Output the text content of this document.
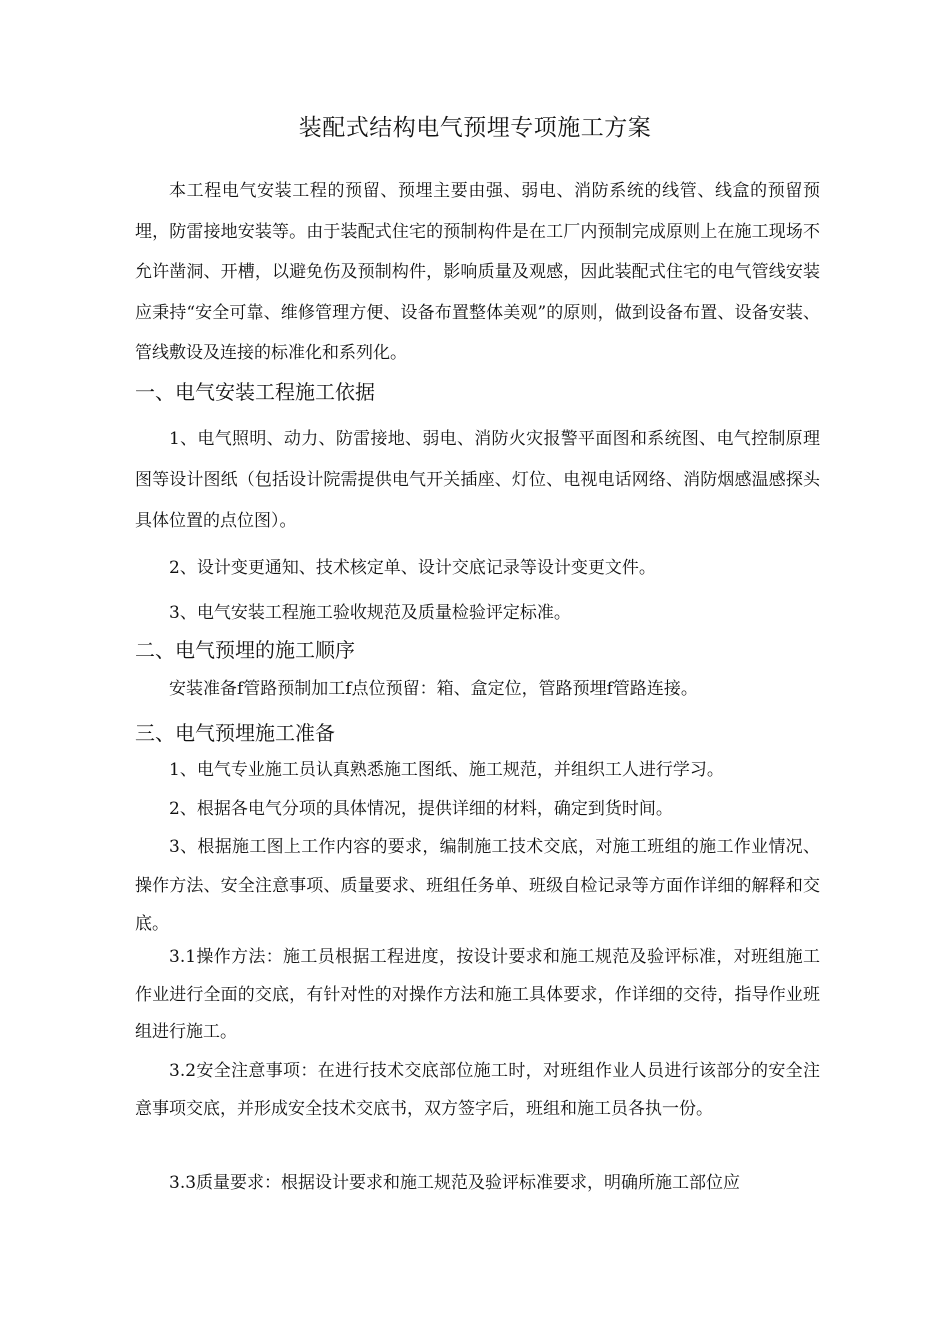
装配式结构电气预埋专项施工方案
本工程电气安装工程的预留、预埋主要由强、弱电、消防系统的线管、线盒的预留预埋，防雷接地安装等。由于装配式住宅的预制构件是在工厂内预制完成原则上在施工现场不允许凿洞、开槽，以避免伤及预制构件，影响质量及观感，因此装配式住宅的电气管线安装应秉持“安全可靠、维修管理方便、设备布置整体美观”的原则，做到设备布置、设备安装、管线敷设及连接的标准化和系列化。
一、电气安装工程施工依据
1、电气照明、动力、防雷接地、弱电、消防火灾报警平面图和系统图、电气控制原理图等设计图纸（包括设计院需提供电气开关插座、灯位、电视电话网络、消防烟感温感探头具体位置的点位图）。
2、设计变更通知、技术核定单、设计交底记录等设计变更文件。
3、电气安装工程施工验收规范及质量检验评定标准。
二、电气预埋的施工顺序
安装准备f管路预制加工f点位预留：箱、盒定位，管路预埋f管路连接。
三、电气预埋施工准备
1、电气专业施工员认真熟悉施工图纸、施工规范，并组织工人进行学习。
2、根据各电气分项的具体情况，提供详细的材料，确定到货时间。
3、根据施工图上工作内容的要求，编制施工技术交底，对施工班组的施工作业情况、操作方法、安全注意事项、质量要求、班组任务单、班级自检记录等方面作详细的解释和交底。
3.1操作方法：施工员根据工程进度，按设计要求和施工规范及验评标准，对班组施工作业进行全面的交底，有针对性的对操作方法和施工具体要求，作详细的交待，指导作业班组进行施工。
3.2安全注意事项：在进行技术交底部位施工时，对班组作业人员进行该部分的安全注意事项交底，并形成安全技术交底书，双方签字后，班组和施工员各执一份。
3.3质量要求：根据设计要求和施工规范及验评标准要求，明确所施工部位应
